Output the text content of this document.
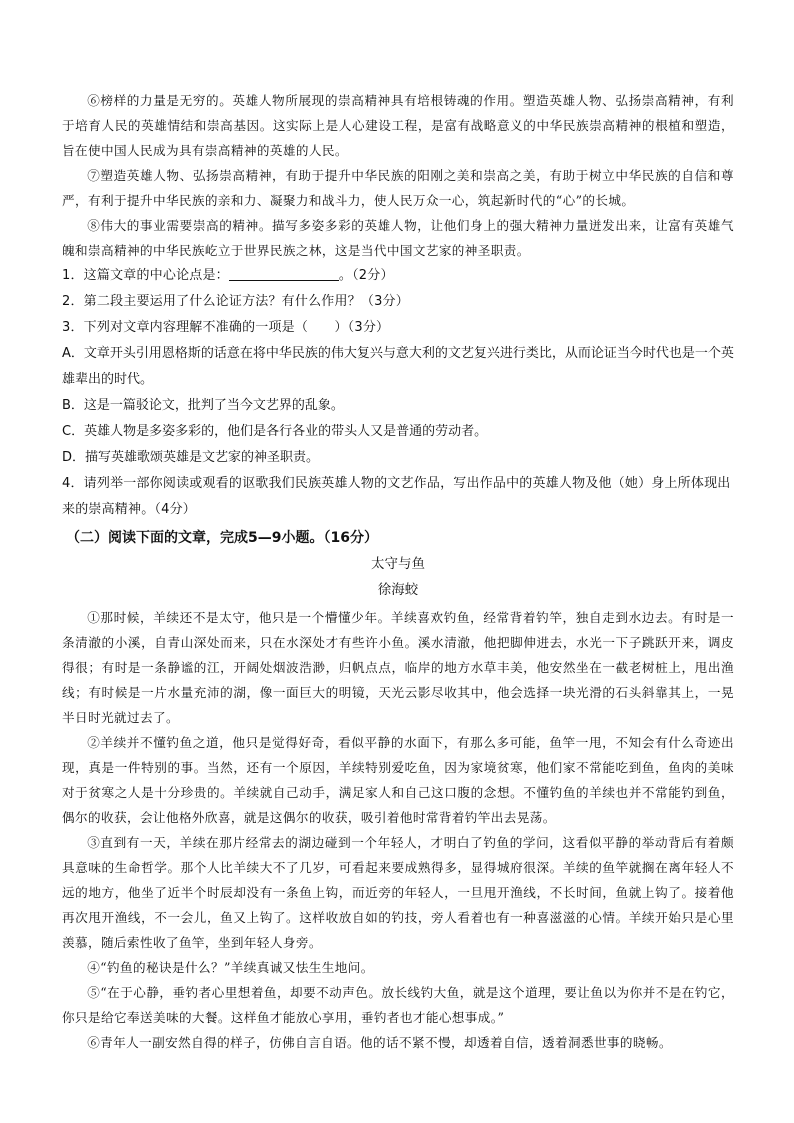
⑥榜样的力量是无穷的。英雄人物所展现的崇高精神具有培根铸魂的作用。塑造英雄人物、弘扬崇高精神，有利于培育人民的英雄情结和崇高基因。这实际上是人心建设工程，是富有战略意义的中华民族崇高精神的根植和塑造，旨在使中国人民成为具有崇高精神的英雄的人民。

⑦塑造英雄人物、弘扬崇高精神，有助于提升中华民族的阳刚之美和崇高之美，有助于树立中华民族的自信和尊严，有利于提升中华民族的亲和力、凝聚力和战斗力，使人民万众一心，筑起新时代的“心”的长城。

⑧伟大的事业需要崇高的精神。描写多姿多彩的英雄人物，让他们身上的强大精神力量迸发出来，让富有英雄气魄和崇高精神的中华民族屹立于世界民族之林，这是当代中国文艺家的神圣职责。

1．这篇文章的中心论点是：	。（2分）

2．第二段主要运用了什么论证方法？有什么作用？（3分）

3．下列对文章内容理解不准确的一项是（　　）（3分）

A．文章开头引用恩格斯的话意在将中华民族的伟大复兴与意大利的文艺复兴进行类比，从而论证当今时代也是一个英雄辈出的时代。

B．这是一篇驳论文，批判了当今文艺界的乱象。

C．英雄人物是多姿多彩的，他们是各行各业的带头人又是普通的劳动者。

D．描写英雄歌颂英雄是文艺家的神圣职责。

4．请列举一部你阅读或观看的讴歌我们民族英雄人物的文艺作品，写出作品中的英雄人物及他（她）身上所体现出来的崇高精神。（4分）

（二）阅读下面的文章，完成5—9小题。（16分）

太守与鱼

徐海蛟

①那时候，羊续还不是太守，他只是一个懵懂少年。羊续喜欢钓鱼，经常背着钓竿，独自走到水边去。有时是一条清澈的小溪，自青山深处而来，只在水深处才有些许小鱼。溪水清澈，他把脚伸进去，水光一下子跳跃开来，调皮得很；有时是一条静谧的江，开阔处烟波浩渺，归帆点点，临岸的地方水草丰美，他安然坐在一截老树桩上，甩出渔线；有时候是一片水量充沛的湖，像一面巨大的明镜，天光云影尽收其中，他会选择一块光滑的石头斜靠其上，一晃半日时光就过去了。

②羊续并不懂钓鱼之道，他只是觉得好奇，看似平静的水面下，有那么多可能，鱼竿一甩，不知会有什么奇迹出现，真是一件特别的事。当然，还有一个原因，羊续特别爱吃鱼，因为家境贫寒，他们家不常能吃到鱼，鱼肉的美味对于贫寒之人是十分珍贵的。羊续就自己动手，满足家人和自己这口腹的念想。不懂钓鱼的羊续也并不常能钓到鱼，偶尔的收获，会让他格外欣喜，就是这偶尔的收获，吸引着他时常背着钓竿出去晃荡。

③直到有一天，羊续在那片经常去的湖边碰到一个年轻人，才明白了钓鱼的学问，这看似平静的举动背后有着颇具意味的生命哲学。那个人比羊续大不了几岁，可看起来要成熟得多，显得城府很深。羊续的鱼竿就搁在离年轻人不远的地方，他坐了近半个时辰却没有一条鱼上钩，而近旁的年轻人，一旦甩开渔线，不长时间，鱼就上钩了。接着他再次甩开渔线，不一会儿，鱼又上钩了。这样收放自如的钓技，旁人看着也有一种喜滋滋的心情。羊续开始只是心里羡慕，随后索性收了鱼竿，坐到年轻人身旁。

④“钓鱼的秘诀是什么？”羊续真诚又怯生生地问。

⑤“在于心静，垂钓者心里想着鱼，却要不动声色。放长线钓大鱼，就是这个道理，要让鱼以为你并不是在钓它，你只是给它奉送美味的大餐。这样鱼才能放心享用，垂钓者也才能心想事成。”

⑥青年人一副安然自得的样子，仿佛自言自语。他的话不紧不慢，却透着自信，透着洞悉世事的晓畅。
